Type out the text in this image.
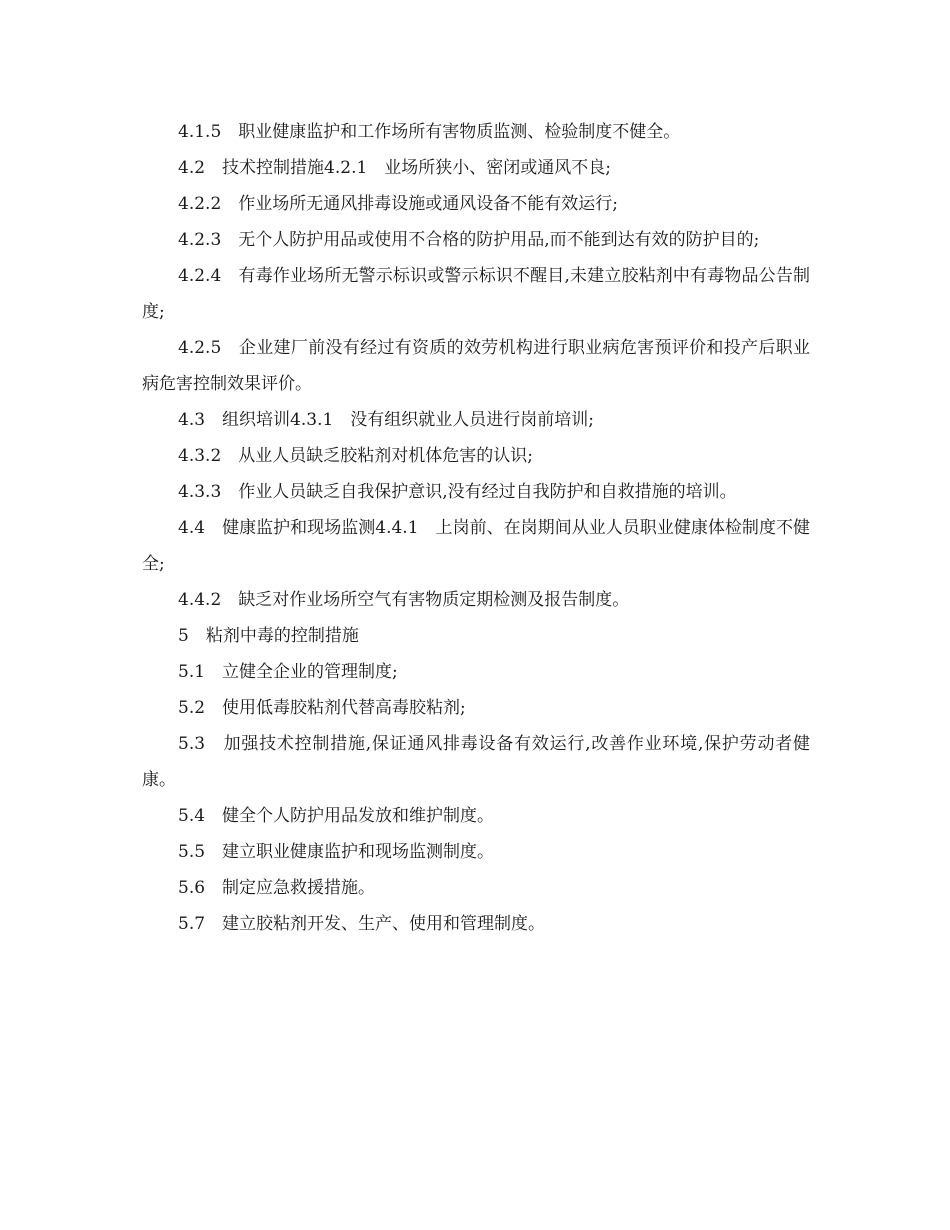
4.1.5　职业健康监护和工作场所有害物质监测、检验制度不健全。

4.2　技术控制措施4.2.1　业场所狭小、密闭或通风不良;

4.2.2　作业场所无通风排毒设施或通风设备不能有效运行;

4.2.3　无个人防护用品或使用不合格的防护用品,而不能到达有效的防护目的;

4.2.4　有毒作业场所无警示标识或警示标识不醒目,未建立胶粘剂中有毒物品公告制度;

4.2.5　企业建厂前没有经过有资质的效劳机构进行职业病危害预评价和投产后职业病危害控制效果评价。

4.3　组织培训4.3.1　没有组织就业人员进行岗前培训;

4.3.2　从业人员缺乏胶粘剂对机体危害的认识;

4.3.3　作业人员缺乏自我保护意识,没有经过自我防护和自救措施的培训。

4.4　健康监护和现场监测4.4.1　上岗前、在岗期间从业人员职业健康体检制度不健全;

4.4.2　缺乏对作业场所空气有害物质定期检测及报告制度。

5　粘剂中毒的控制措施

5.1　立健全企业的管理制度;

5.2　使用低毒胶粘剂代替高毒胶粘剂;

5.3　加强技术控制措施,保证通风排毒设备有效运行,改善作业环境,保护劳动者健康。

5.4　健全个人防护用品发放和维护制度。

5.5　建立职业健康监护和现场监测制度。

5.6　制定应急救援措施。

5.7　建立胶粘剂开发、生产、使用和管理制度。
